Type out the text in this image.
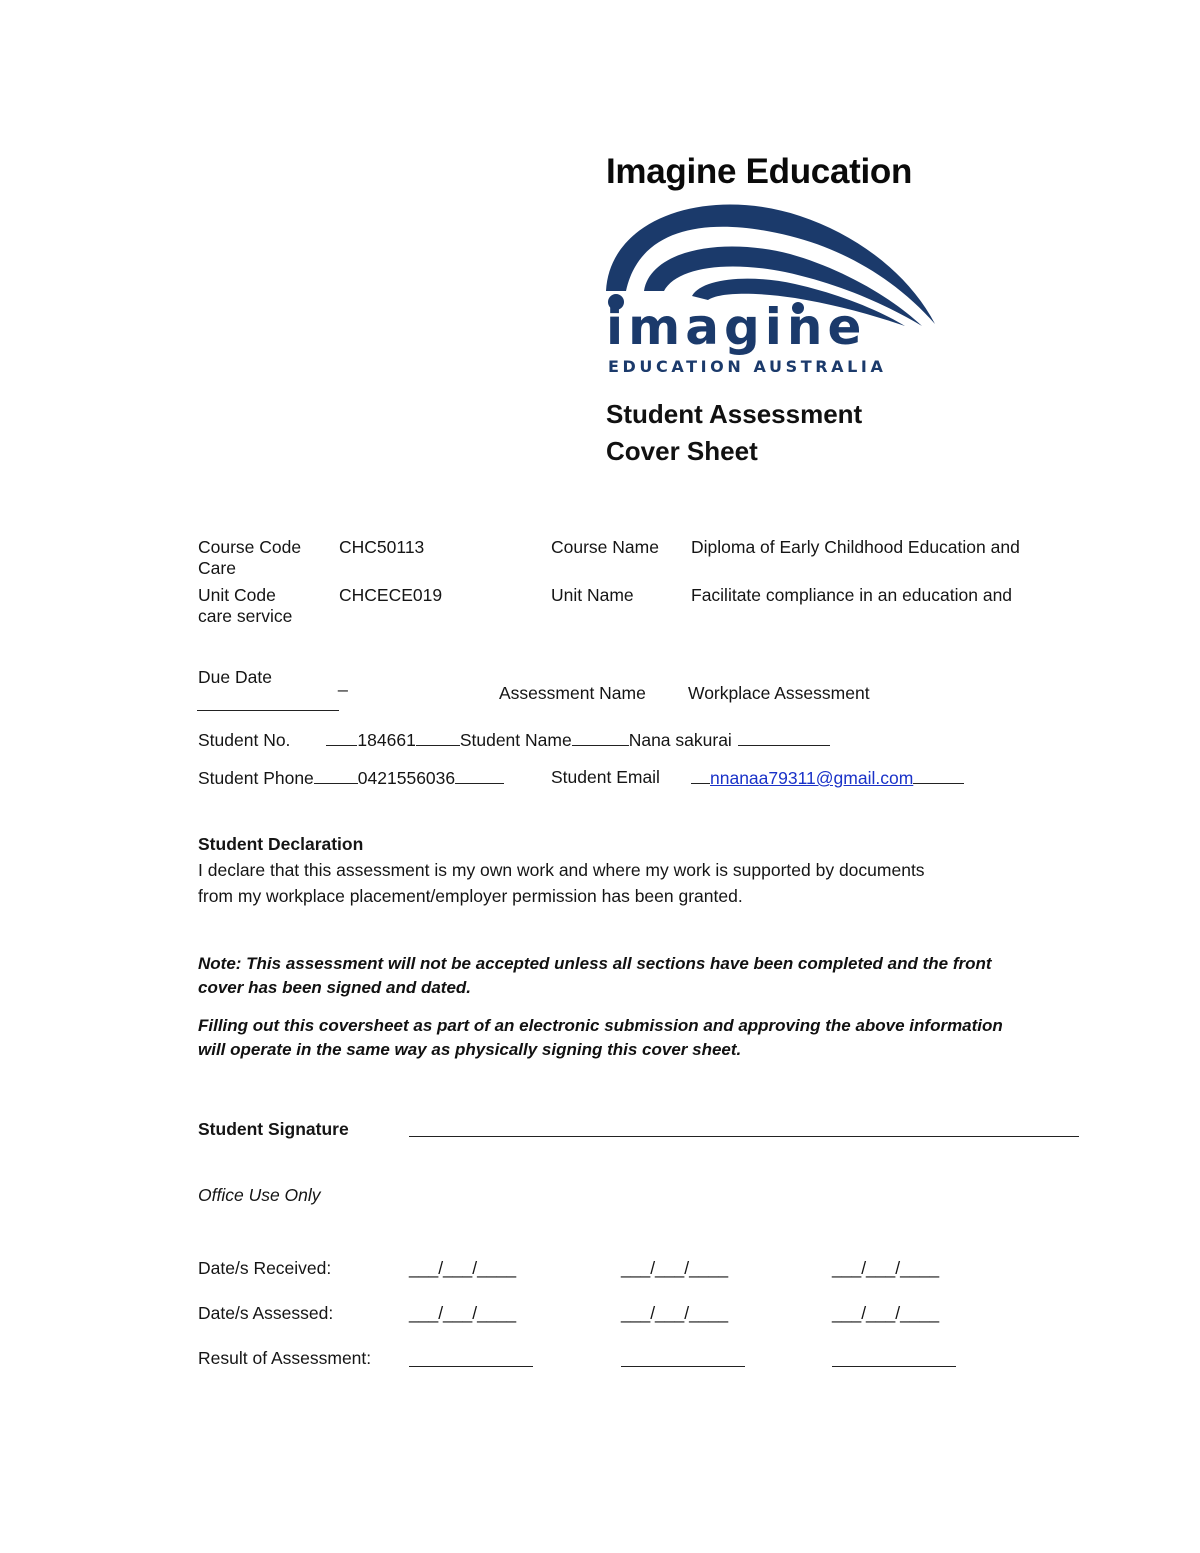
Imagine Education
imagine
EDUCATION AUSTRALIA
Student Assessment
Cover Sheet
Course Code CHC50113	Course Name Diploma of Early Childhood Education and
Care
Unit Code	CHCECE019	Unit Name	Facilitate compliance in an education and
care service
Due Date	_
Assessment Name Workplace Assessment
Student No.	184661	Student Name	Nana sakurai
Student Phone	0421556036	Student Email	nnanaa79311@gmail.com
Student Declaration
I declare that this assessment is my own work and where my work is supported by documents
from my workplace placement/employer permission has been granted.
Note: This assessment will not be accepted unless all sections have been completed and the front
cover has been signed and dated.
Filling out this coversheet as part of an electronic submission and approving the above information
will operate in the same way as physically signing this cover sheet.
Student Signature
Office Use Only
Date/s Received:	___/___/____	___/___/____	___/___/____
Date/s Assessed:	___/___/____	___/___/____	___/___/____
Result of Assessment:
